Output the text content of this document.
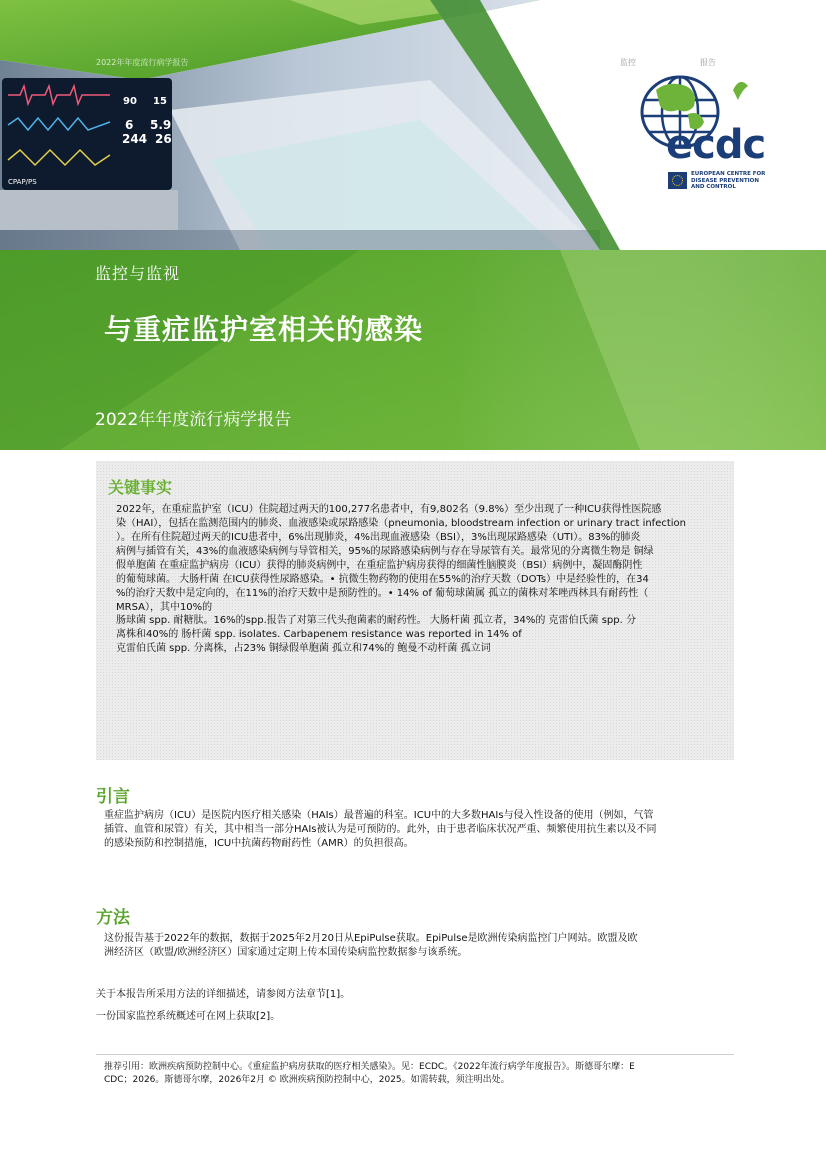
90 15
6 5.9
244 26
CPAP/PS
2022年年度流行病学报告	监控	报告
监控与监视
与重症监护室相关的感染
2022年年度流行病学报告
ecdc
EUROPEAN CENTRE FOR
DISEASE PREVENTION
AND CONTROL
关键事实
2022年，在重症监护室（ICU）住院超过两天的100,277名患者中，有9,802名（9.8%）至少出现了一种ICU获得性医院感
染（HAI），包括在监测范围内的肺炎、血液感染或尿路感染（pneumonia, bloodstream infection or urinary tract infection
）。在所有住院超过两天的ICU患者中，6%出现肺炎，4%出现血液感染（BSI），3%出现尿路感染（UTI）。83%的肺炎
病例与插管有关，43%的血液感染病例与导管相关，95%的尿路感染病例与存在导尿管有关。最常见的分离微生物是 铜绿
假单胞菌 在重症监护病房（ICU）获得的肺炎病例中，在重症监护病房获得的细菌性脑膜炎（BSI）病例中，凝固酶阴性
的葡萄球菌。 大肠杆菌 在ICU获得性尿路感染。• 抗微生物药物的使用在55%的治疗天数（DOTs）中是经验性的，在34
%的治疗天数中是定向的，在11%的治疗天数中是预防性的。• 14% of 葡萄球菌属 孤立的菌株对苯唑西林具有耐药性（
MRSA），其中10%的
肠球菌 spp. 耐糖肽。16%的spp.报告了对第三代头孢菌素的耐药性。 大肠杆菌 孤立者，34%的 克雷伯氏菌 spp. 分
离株和40%的 肠杆菌 spp. isolates. Carbapenem resistance was reported in 14% of
克雷伯氏菌 spp. 分离株，占23% 铜绿假单胞菌 孤立和74%的 鲍曼不动杆菌 孤立词
引言
重症监护病房（ICU）是医院内医疗相关感染（HAIs）最普遍的科室。ICU中的大多数HAIs与侵入性设备的使用（例如，气管
插管、血管和尿管）有关，其中相当一部分HAIs被认为是可预防的。此外，由于患者临床状况严重、频繁使用抗生素以及不同
的感染预防和控制措施，ICU中抗菌药物耐药性（AMR）的负担很高。
方法
这份报告基于2022年的数据，数据于2025年2月20日从EpiPulse获取。EpiPulse是欧洲传染病监控门户网站。欧盟及欧
洲经济区（欧盟/欧洲经济区）国家通过定期上传本国传染病监控数据参与该系统。
关于本报告所采用方法的详细描述，请参阅方法章节[1]。
一份国家监控系统概述可在网上获取[2]。
推荐引用：欧洲疾病预防控制中心。《重症监护病房获取的医疗相关感染》。见：ECDC。《2022年流行病学年度报告》。斯德哥尔摩：E
CDC；2026。斯德哥尔摩，2026年2月 © 欧洲疾病预防控制中心，2025。如需转载，须注明出处。
